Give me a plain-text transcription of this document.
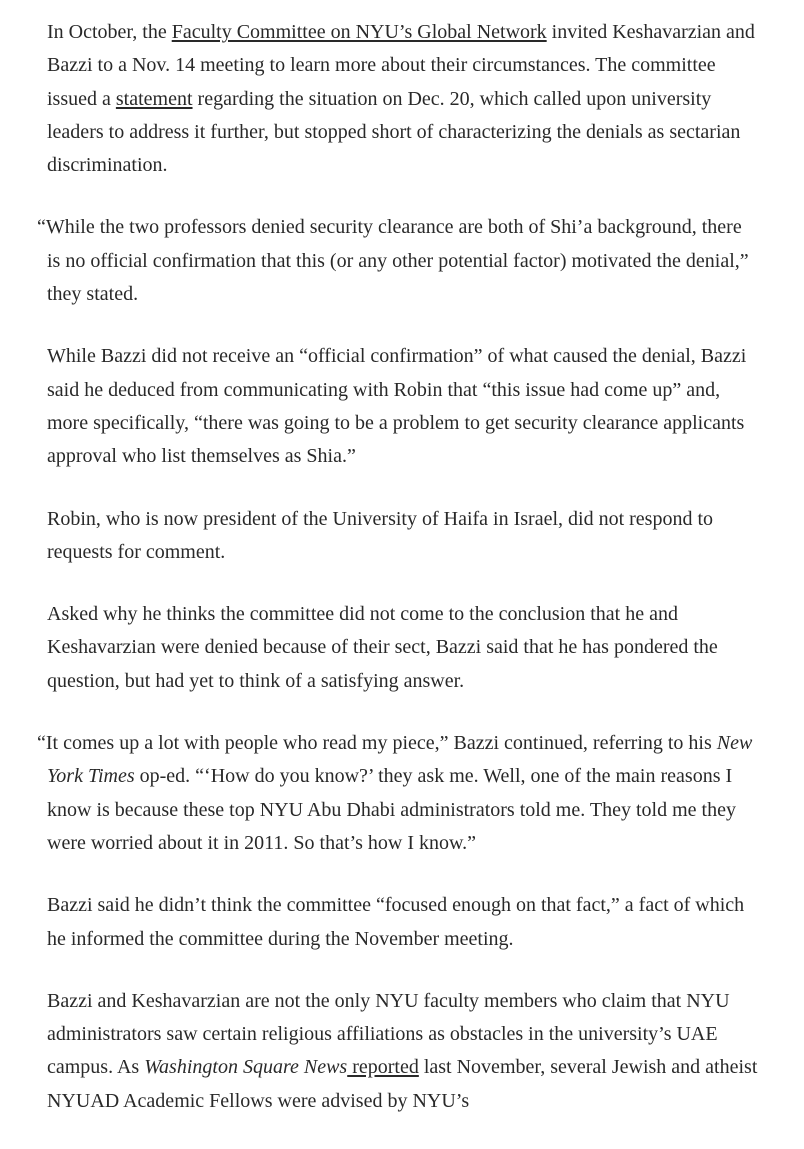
In October, the Faculty Committee on NYU’s Global Network invited Keshavarzian and Bazzi to a Nov. 14 meeting to learn more about their circumstances. The committee issued a statement regarding the situation on Dec. 20, which called upon university leaders to address it further, but stopped short of characterizing the denials as sectarian discrimination.

“While the two professors denied security clearance are both of Shi’a background, there is no official confirmation that this (or any other potential factor) motivated the denial,” they stated.

While Bazzi did not receive an “official confirmation” of what caused the denial, Bazzi said he deduced from communicating with Robin that “this issue had come up” and, more specifically, “there was going to be a problem to get security clearance applicants approval who list themselves as Shia.”

Robin, who is now president of the University of Haifa in Israel, did not respond to requests for comment.

Asked why he thinks the committee did not come to the conclusion that he and Keshavarzian were denied because of their sect, Bazzi said that he has pondered the question, but had yet to think of a satisfying answer.

“It comes up a lot with people who read my piece,” Bazzi continued, referring to his New York Times op-ed. “‘How do you know?’ they ask me. Well, one of the main reasons I know is because these top NYU Abu Dhabi administrators told me. They told me they were worried about it in 2011. So that’s how I know.”

Bazzi said he didn’t think the committee “focused enough on that fact,” a fact of which he informed the committee during the November meeting.

Bazzi and Keshavarzian are not the only NYU faculty members who claim that NYU administrators saw certain religious affiliations as obstacles in the university’s UAE campus. As Washington Square News reported last November, several Jewish and atheist NYUAD Academic Fellows were advised by NYU’s
